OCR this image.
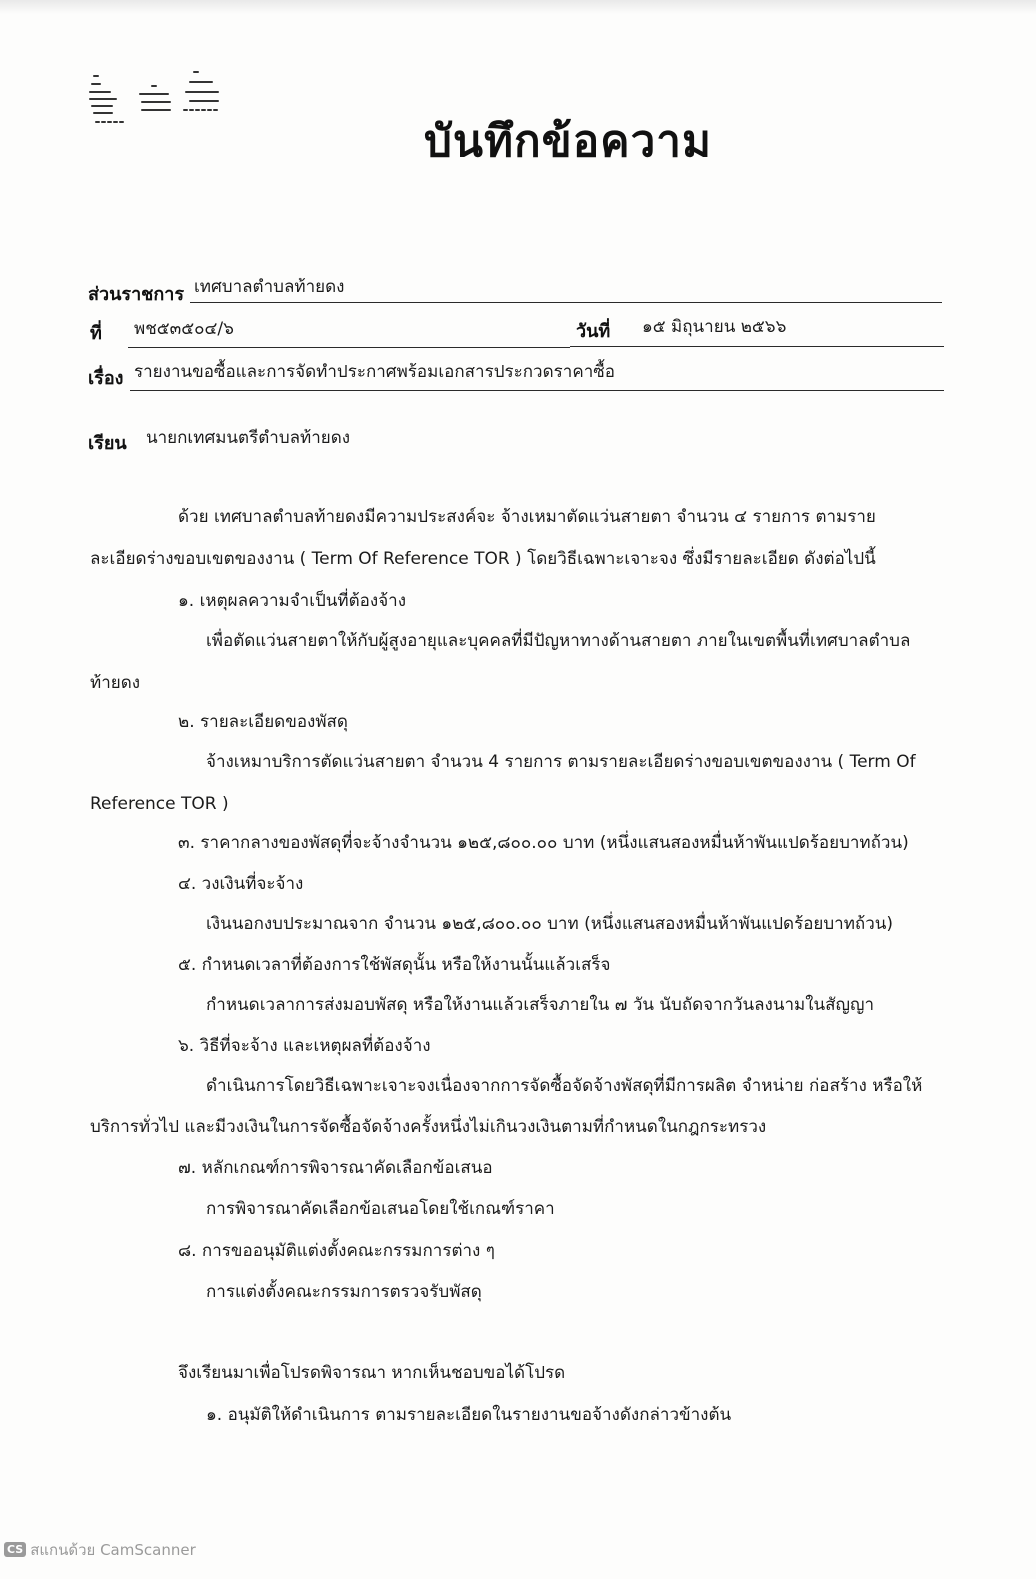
บันทึกข้อความ
ส่วนราชการ เทศบาลตำบลท้ายดง
ที่ พช๕๓๕๐๔/๖	วันที่ ๑๕ มิถุนายน ๒๕๖๖
เรื่อง รายงานขอซื้อและการจัดทำประกาศพร้อมเอกสารประกวดราคาซื้อ
เรียน นายกเทศมนตรีตำบลท้ายดง
ด้วย เทศบาลตำบลท้ายดงมีความประสงค์จะ จ้างเหมาตัดแว่นสายตา จำนวน ๔ รายการ ตามราย
ละเอียดร่างขอบเขตของงาน ( Term Of Reference TOR ) โดยวิธีเฉพาะเจาะจง ซึ่งมีรายละเอียด ดังต่อไปนี้
๑. เหตุผลความจำเป็นที่ต้องจ้าง
เพื่อตัดแว่นสายตาให้กับผู้สูงอายุและบุคคลที่มีปัญหาทางด้านสายตา ภายในเขตพื้นที่เทศบาลตำบล
ท้ายดง
๒. รายละเอียดของพัสดุ
จ้างเหมาบริการตัดแว่นสายตา จำนวน 4 รายการ ตามรายละเอียดร่างขอบเขตของงาน ( Term Of
Reference TOR )
๓. ราคากลางของพัสดุที่จะจ้างจำนวน ๑๒๕,๘๐๐.๐๐ บาท (หนึ่งแสนสองหมื่นห้าพันแปดร้อยบาทถ้วน)
๔. วงเงินที่จะจ้าง
เงินนอกงบประมาณจาก จำนวน ๑๒๕,๘๐๐.๐๐ บาท (หนึ่งแสนสองหมื่นห้าพันแปดร้อยบาทถ้วน)
๕. กำหนดเวลาที่ต้องการใช้พัสดุนั้น หรือให้งานนั้นแล้วเสร็จ
กำหนดเวลาการส่งมอบพัสดุ หรือให้งานแล้วเสร็จภายใน ๗ วัน นับถัดจากวันลงนามในสัญญา
๖. วิธีที่จะจ้าง และเหตุผลที่ต้องจ้าง
ดำเนินการโดยวิธีเฉพาะเจาะจงเนื่องจากการจัดซื้อจัดจ้างพัสดุที่มีการผลิต จำหน่าย ก่อสร้าง หรือให้
บริการทั่วไป และมีวงเงินในการจัดซื้อจัดจ้างครั้งหนึ่งไม่เกินวงเงินตามที่กำหนดในกฎกระทรวง
๗. หลักเกณฑ์การพิจารณาคัดเลือกข้อเสนอ
การพิจารณาคัดเลือกข้อเสนอโดยใช้เกณฑ์ราคา
๘. การขออนุมัติแต่งตั้งคณะกรรมการต่าง ๆ
การแต่งตั้งคณะกรรมการตรวจรับพัสดุ
จึงเรียนมาเพื่อโปรดพิจารณา หากเห็นชอบขอได้โปรด
๑. อนุมัติให้ดำเนินการ ตามรายละเอียดในรายงานขอจ้างดังกล่าวข้างต้น
CS สแกนด้วย CamScanner
